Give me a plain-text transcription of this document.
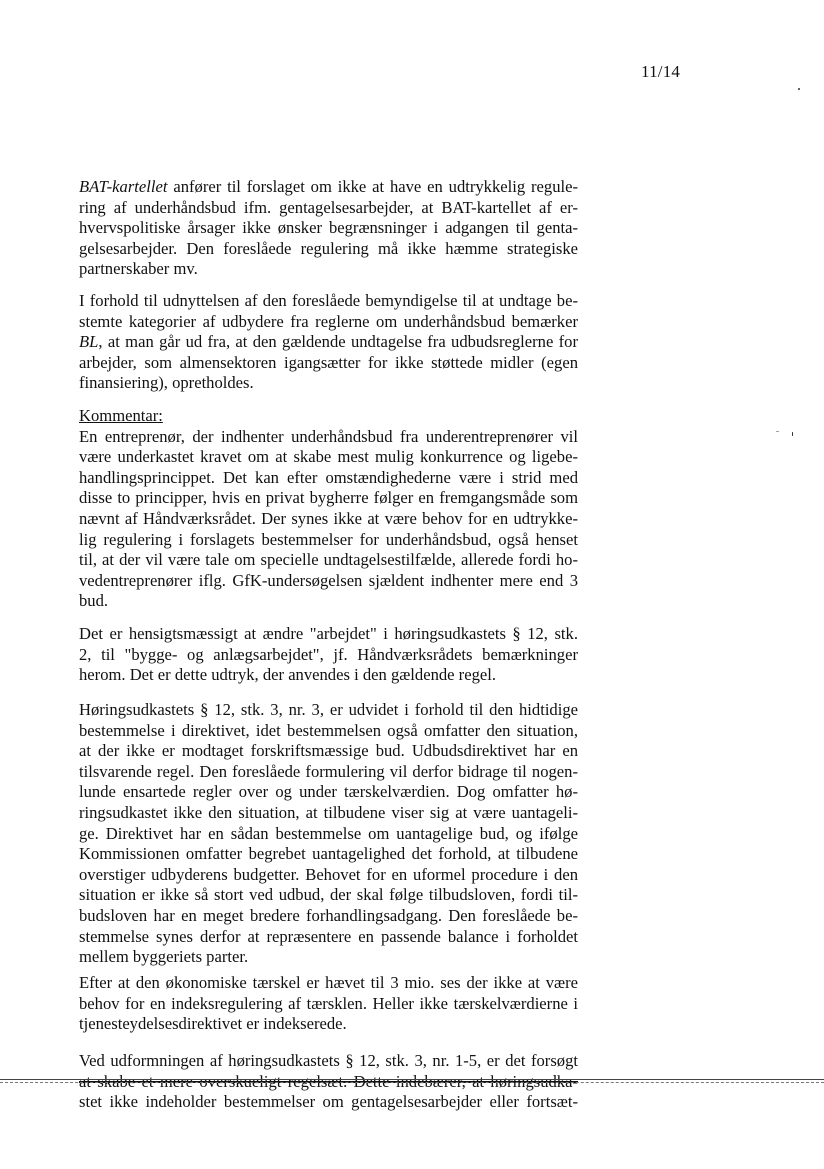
11/14
BAT-kartellet anfører til forslaget om ikke at have en udtrykkelig regule-
ring af underhåndsbud ifm. gentagelsesarbejder, at BAT-kartellet af er-
hvervspolitiske årsager ikke ønsker begrænsninger i adgangen til genta-
gelsesarbejder. Den foreslåede regulering må ikke hæmme strategiske
partnerskaber mv.
I forhold til udnyttelsen af den foreslåede bemyndigelse til at undtage be-
stemte kategorier af udbydere fra reglerne om underhåndsbud bemærker
BL, at man går ud fra, at den gældende undtagelse fra udbudsreglerne for
arbejder, som almensektoren igangsætter for ikke støttede midler (egen
finansiering), opretholdes.
Kommentar:
En entreprenør, der indhenter underhåndsbud fra underentreprenører vil
være underkastet kravet om at skabe mest mulig konkurrence og ligebe-
handlingsprincippet. Det kan efter omstændighederne være i strid med
disse to principper, hvis en privat bygherre følger en fremgangsmåde som
nævnt af Håndværksrådet. Der synes ikke at være behov for en udtrykke-
lig regulering i forslagets bestemmelser for underhåndsbud, også henset
til, at der vil være tale om specielle undtagelsestilfælde, allerede fordi ho-
vedentreprenører iflg. GfK-undersøgelsen sjældent indhenter mere end 3
bud.
Det er hensigtsmæssigt at ændre "arbejdet" i høringsudkastets § 12, stk.
2, til "bygge- og anlægsarbejdet", jf. Håndværksrådets bemærkninger
herom. Det er dette udtryk, der anvendes i den gældende regel.
Høringsudkastets § 12, stk. 3, nr. 3, er udvidet i forhold til den hidtidige
bestemmelse i direktivet, idet bestemmelsen også omfatter den situation,
at der ikke er modtaget forskriftsmæssige bud. Udbudsdirektivet har en
tilsvarende regel. Den foreslåede formulering vil derfor bidrage til nogen-
lunde ensartede regler over og under tærskelværdien. Dog omfatter hø-
ringsudkastet ikke den situation, at tilbudene viser sig at være uantageli-
ge. Direktivet har en sådan bestemmelse om uantagelige bud, og ifølge
Kommissionen omfatter begrebet uantagelighed det forhold, at tilbudene
overstiger udbyderens budgetter. Behovet for en uformel procedure i den
situation er ikke så stort ved udbud, der skal følge tilbudsloven, fordi til-
budsloven har en meget bredere forhandlingsadgang. Den foreslåede be-
stemmelse synes derfor at repræsentere en passende balance i forholdet
mellem byggeriets parter.
Efter at den økonomiske tærskel er hævet til 3 mio. ses der ikke at være
behov for en indeksregulering af tærsklen. Heller ikke tærskelværdierne i
tjenesteydelsesdirektivet er indekserede.
Ved udformningen af høringsudkastets § 12, stk. 3, nr. 1-5, er det forsøgt
at skabe et mere overskueligt regelsæt. Dette indebærer, at høringsudka-
stet ikke indeholder bestemmelser om gentagelsesarbejder eller fortsæt-
